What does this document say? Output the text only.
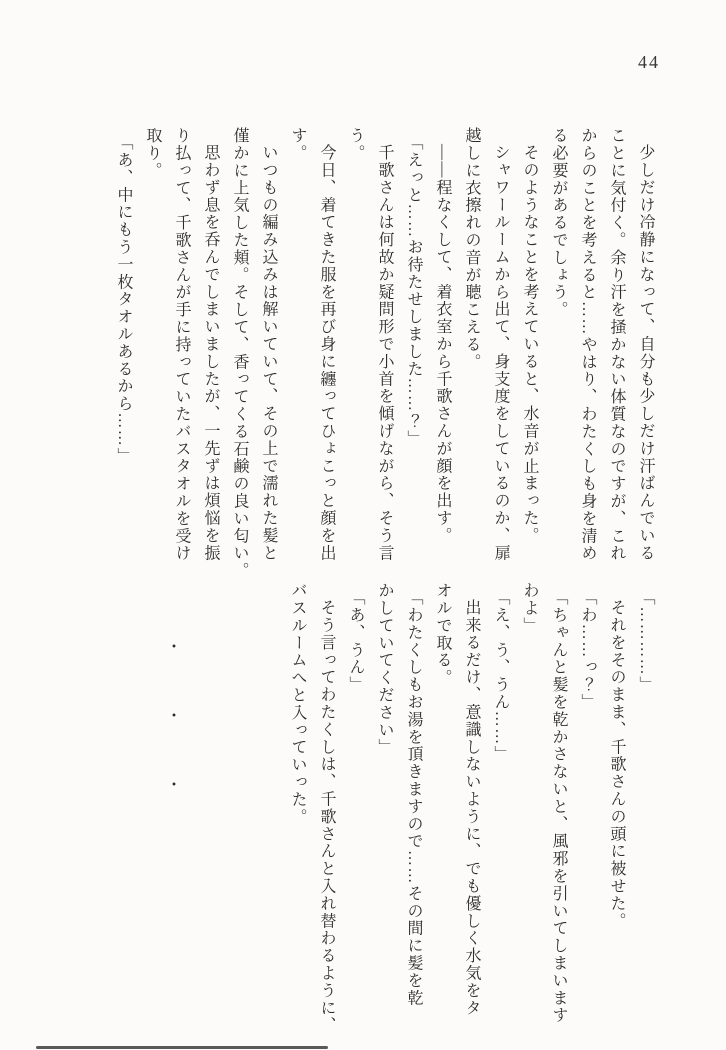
44
少しだけ冷静になって、自分も少しだけ汗ばんでいる
ことに気付く。余り汗を掻かない体質なのですが、これ
からのことを考えると……やはり、わたくしも身を清め
る必要があるでしょう。
そのようなことを考えていると、水音が止まった。
シャワールームから出て、身支度をしているのか、扉
越しに衣擦れの音が聴こえる。
――程なくして、着衣室から千歌さんが顔を出す。
「えっと……お待たせしました……？」
千歌さんは何故か疑問形で小首を傾げながら、そう言
う。
今日、着てきた服を再び身に纏ってひょこっと顔を出
す。
いつもの編み込みは解いていて、その上で濡れた髪と
僅かに上気した頬。そして、香ってくる石鹸の良い匂い。
思わず息を呑んでしまいましたが、一先ずは煩悩を振
り払って、千歌さんが手に持っていたバスタオルを受け
取り。
「あ、中にもう一枚タオルあるから……」
「…………」
それをそのまま、千歌さんの頭に被せた。
「わ……っ？」
「ちゃんと髪を乾かさないと、風邪を引いてしまいます
わよ」
「え、う、うん……」
出来るだけ、意識しないように、でも優しく水気をタ
オルで取る。
「わたくしもお湯を頂きますので……その間に髪を乾
かしていてください」
「あ、うん」
そう言ってわたくしは、千歌さんと入れ替わるように、
バスルームへと入っていった。
・
・
・
